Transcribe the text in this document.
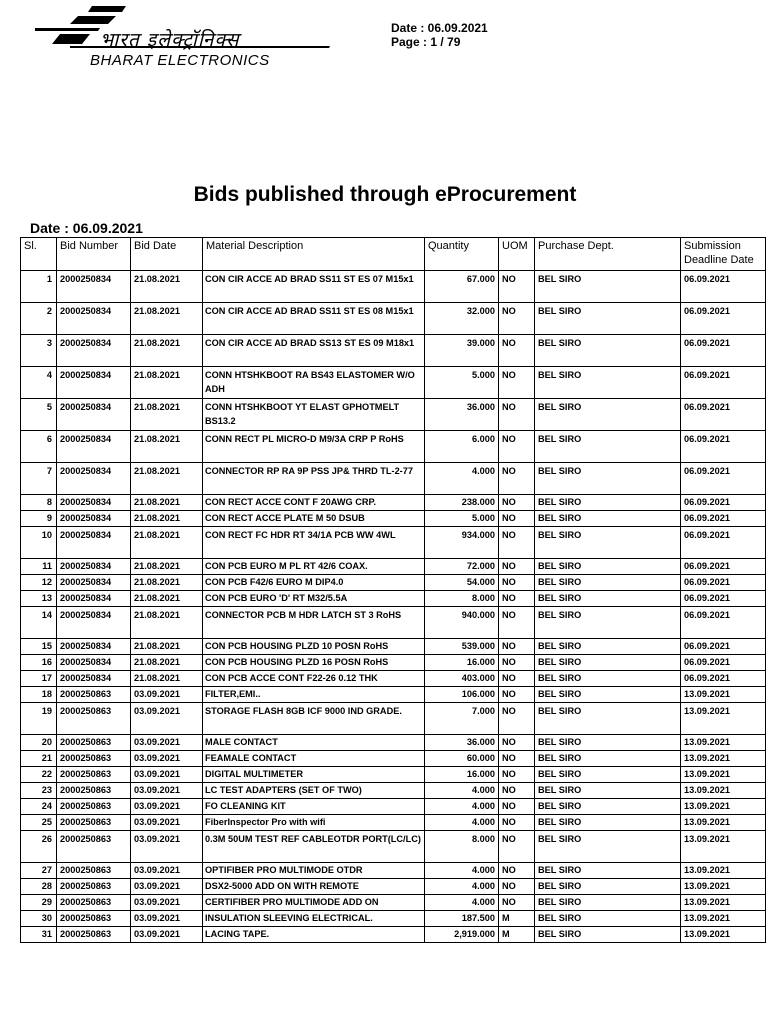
भारत इलेक्ट्रॉनिक्स
BHARAT ELECTRONICS
Date : 06.09.2021
Page : 1 / 79
Bids published through eProcurement
Date : 06.09.2021
Sl.	Bid Number	Bid Date	Material Description	Quantity	UOM	Purchase Dept.	Submission Deadline Date
1	2000250834	21.08.2021	CON CIR ACCE AD BRAD SS11 ST ES 07 M15x1	67.000	NO	BEL SIRO	06.09.2021
2	2000250834	21.08.2021	CON CIR ACCE AD BRAD SS11 ST ES 08 M15x1	32.000	NO	BEL SIRO	06.09.2021
3	2000250834	21.08.2021	CON CIR ACCE AD BRAD SS13 ST ES 09 M18x1	39.000	NO	BEL SIRO	06.09.2021
4	2000250834	21.08.2021	CONN HTSHKBOOT RA BS43 ELASTOMER W/O ADH	5.000	NO	BEL SIRO	06.09.2021
5	2000250834	21.08.2021	CONN HTSHKBOOT YT ELAST GPHOTMELT BS13.2	36.000	NO	BEL SIRO	06.09.2021
6	2000250834	21.08.2021	CONN RECT PL MICRO-D M9/3A CRP P RoHS	6.000	NO	BEL SIRO	06.09.2021
7	2000250834	21.08.2021	CONNECTOR RP RA 9P PSS JP& THRD TL-2-77	4.000	NO	BEL SIRO	06.09.2021
8	2000250834	21.08.2021	CON RECT ACCE CONT F 20AWG CRP.	238.000	NO	BEL SIRO	06.09.2021
9	2000250834	21.08.2021	CON RECT ACCE PLATE M 50 DSUB	5.000	NO	BEL SIRO	06.09.2021
10	2000250834	21.08.2021	CON RECT FC HDR RT 34/1A PCB WW 4WL	934.000	NO	BEL SIRO	06.09.2021
11	2000250834	21.08.2021	CON PCB EURO M PL RT 42/6 COAX.	72.000	NO	BEL SIRO	06.09.2021
12	2000250834	21.08.2021	CON PCB F42/6 EURO M DIP4.0	54.000	NO	BEL SIRO	06.09.2021
13	2000250834	21.08.2021	CON PCB EURO 'D' RT M32/5.5A	8.000	NO	BEL SIRO	06.09.2021
14	2000250834	21.08.2021	CONNECTOR PCB M HDR LATCH ST 3 RoHS	940.000	NO	BEL SIRO	06.09.2021
15	2000250834	21.08.2021	CON PCB HOUSING PLZD 10 POSN RoHS	539.000	NO	BEL SIRO	06.09.2021
16	2000250834	21.08.2021	CON PCB HOUSING PLZD 16 POSN RoHS	16.000	NO	BEL SIRO	06.09.2021
17	2000250834	21.08.2021	CON PCB ACCE CONT F22-26 0.12 THK	403.000	NO	BEL SIRO	06.09.2021
18	2000250863	03.09.2021	FILTER,EMI..	106.000	NO	BEL SIRO	13.09.2021
19	2000250863	03.09.2021	STORAGE FLASH 8GB ICF 9000 IND GRADE.	7.000	NO	BEL SIRO	13.09.2021
20	2000250863	03.09.2021	MALE CONTACT	36.000	NO	BEL SIRO	13.09.2021
21	2000250863	03.09.2021	FEAMALE CONTACT	60.000	NO	BEL SIRO	13.09.2021
22	2000250863	03.09.2021	DIGITAL MULTIMETER	16.000	NO	BEL SIRO	13.09.2021
23	2000250863	03.09.2021	LC TEST ADAPTERS (SET OF TWO)	4.000	NO	BEL SIRO	13.09.2021
24	2000250863	03.09.2021	FO CLEANING KIT	4.000	NO	BEL SIRO	13.09.2021
25	2000250863	03.09.2021	FiberInspector Pro with wifi	4.000	NO	BEL SIRO	13.09.2021
26	2000250863	03.09.2021	0.3M 50UM TEST REF CABLEOTDR PORT(LC/LC)	8.000	NO	BEL SIRO	13.09.2021
27	2000250863	03.09.2021	OPTIFIBER PRO MULTIMODE OTDR	4.000	NO	BEL SIRO	13.09.2021
28	2000250863	03.09.2021	DSX2-5000 ADD ON WITH REMOTE	4.000	NO	BEL SIRO	13.09.2021
29	2000250863	03.09.2021	CERTIFIBER PRO MULTIMODE ADD ON	4.000	NO	BEL SIRO	13.09.2021
30	2000250863	03.09.2021	INSULATION SLEEVING ELECTRICAL.	187.500	M	BEL SIRO	13.09.2021
31	2000250863	03.09.2021	LACING TAPE.	2,919.000	M	BEL SIRO	13.09.2021
